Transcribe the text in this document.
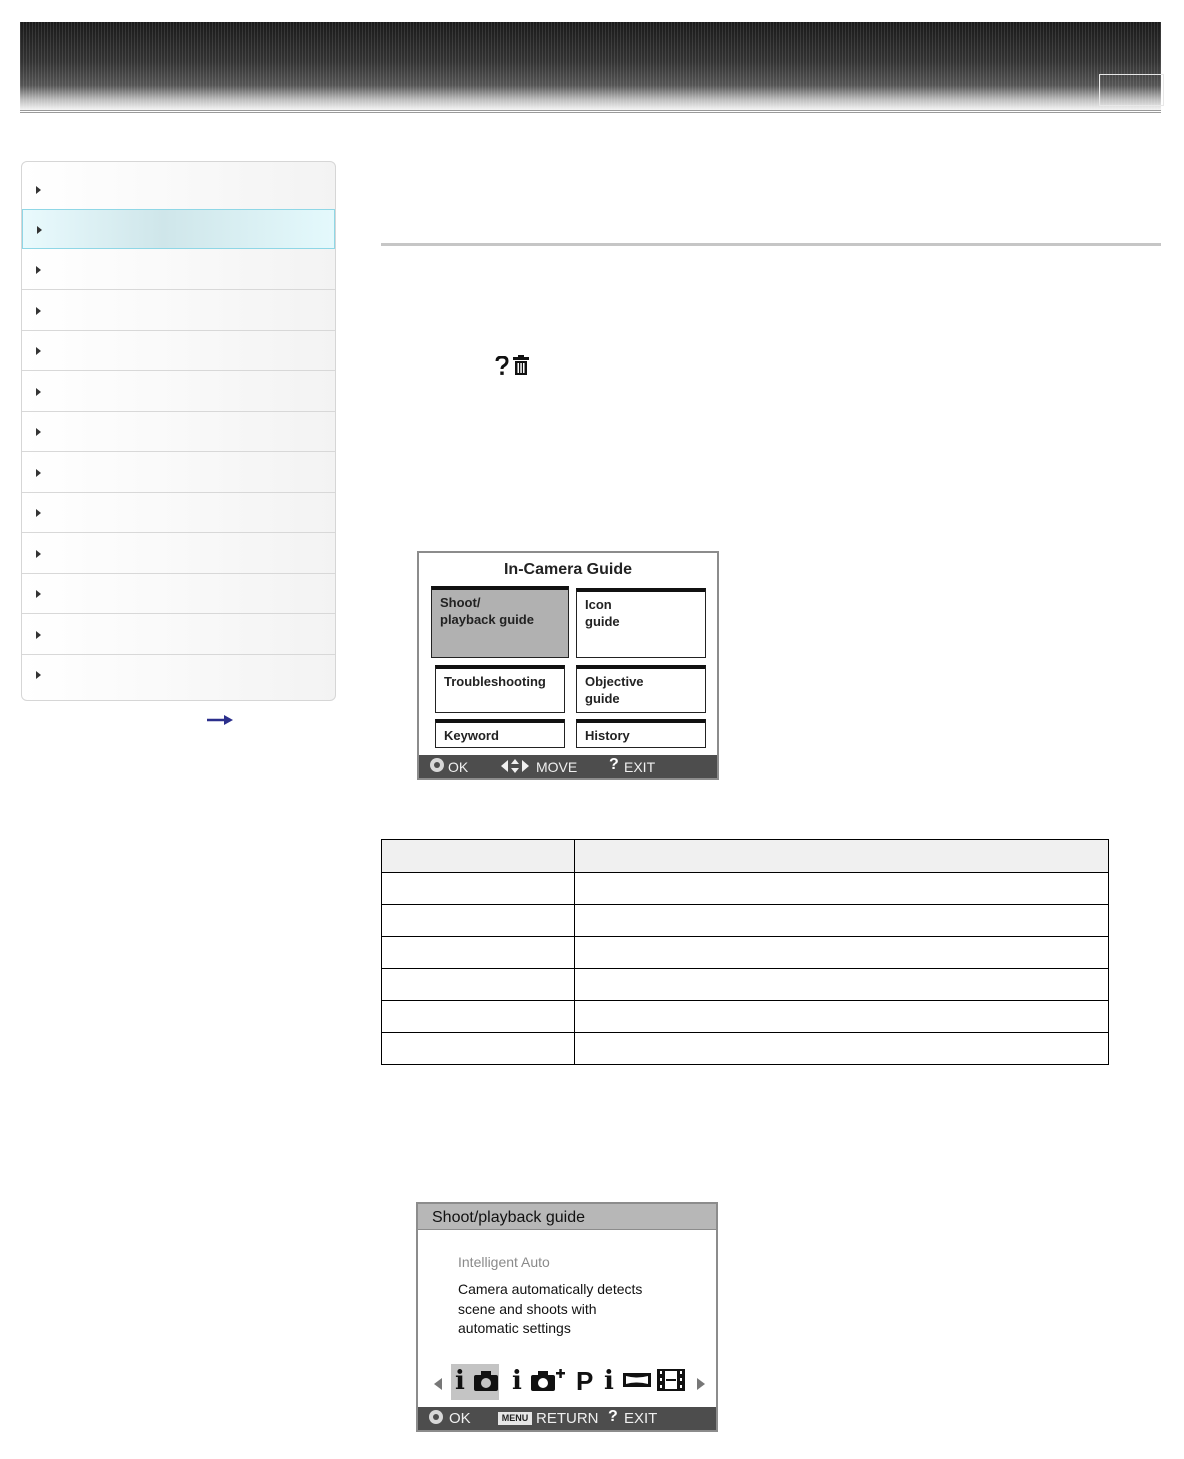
In-Camera Guide
Shoot/
playback guide
Icon
guide
Troubleshooting	Objective
guide
Keyword	History
OK	MOVE ? EXIT

Shoot/playback guide
Intelligent Auto
Camera automatically detects
scene and shoots with
automatic settings
i	i	P i
OK	MENU RETURN ? EXIT
